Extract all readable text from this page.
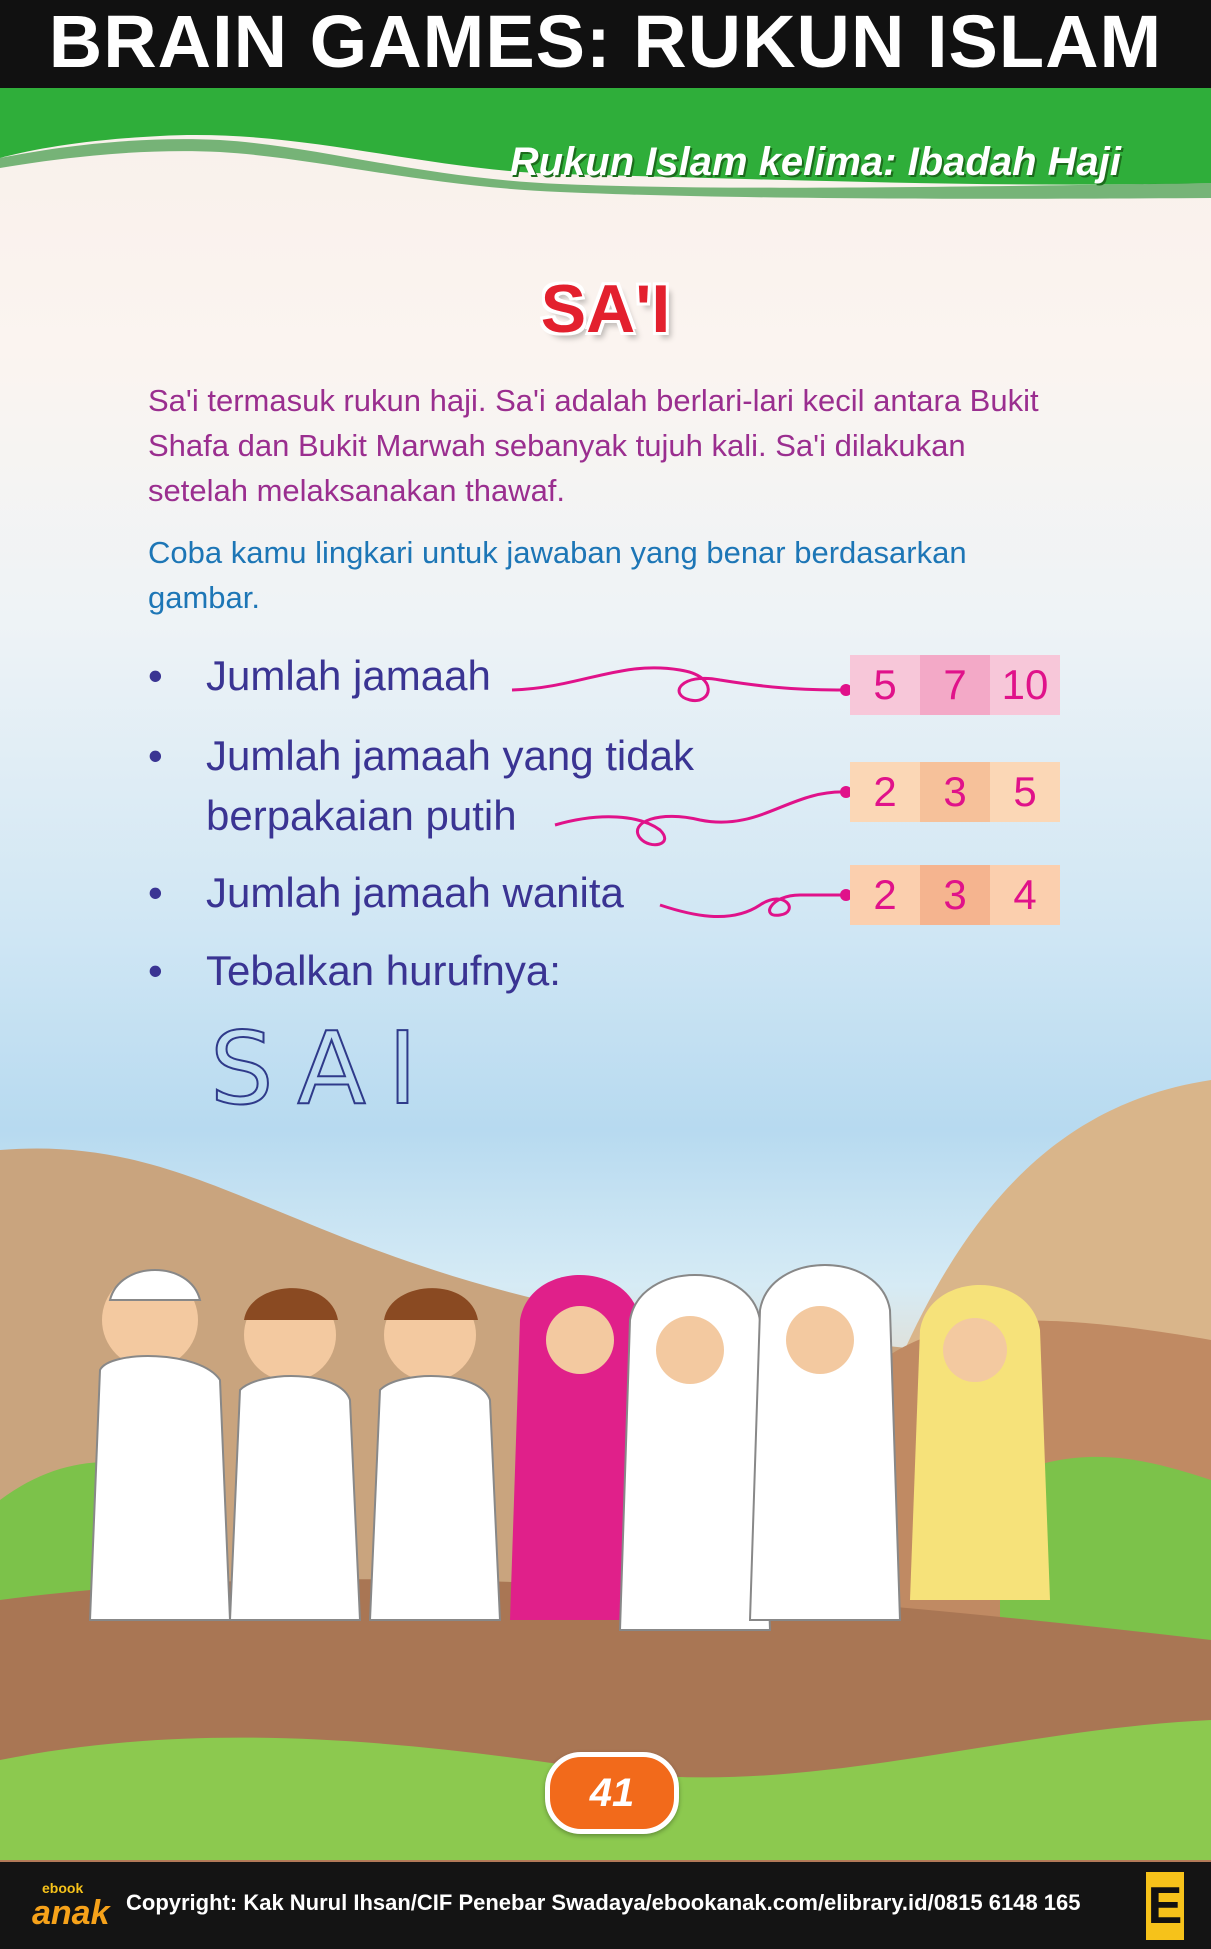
BRAIN GAMES: RUKUN ISLAM
Rukun Islam kelima: Ibadah Haji
SA'I
Sa'i termasuk rukun haji. Sa'i adalah berlari-lari kecil antara Bukit Shafa dan Bukit Marwah sebanyak tujuh kali. Sa'i dilakukan setelah melaksanakan thawaf.
Coba kamu lingkari untuk jawaban yang benar berdasarkan gambar.
• Jumlah jamaah
• Jumlah jamaah yang tidak
berpakaian putih
• Jumlah jamaah wanita
• Tebalkan hurufnya:
5	7 10
2	3	5
2	3	4
SAI
41
ebook
anak Copyright: Kak Nurul Ihsan/CIF Penebar Swadaya/ebookanak.com/elibrary.id/0815 6148 165 E
